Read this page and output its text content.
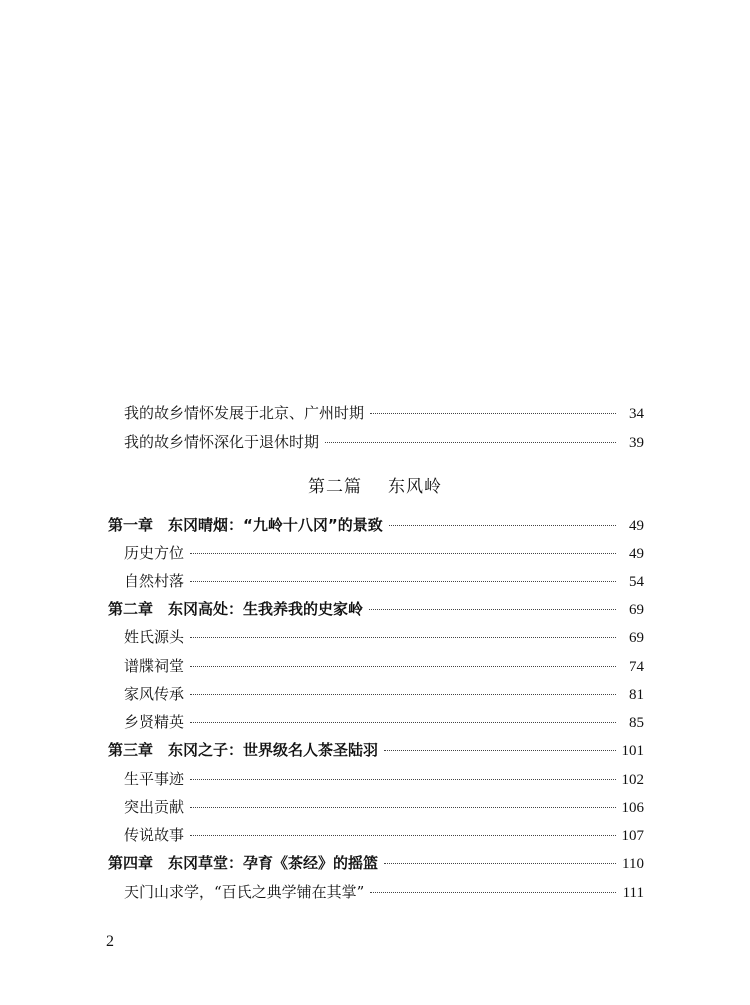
我的故乡情怀发展于北京、广州时期	34
我的故乡情怀深化于退休时期	39
第二篇 东风岭
第一章　东冈晴烟：“九岭十八冈”的景致	49
历史方位	49
自然村落	54
第二章　东冈高处：生我养我的史家岭	69
姓氏源头	69
谱牒祠堂	74
家风传承	81
乡贤精英	85
第三章　东冈之子：世界级名人茶圣陆羽	101
生平事迹	102
突出贡献	106
传说故事	107
第四章　东冈草堂：孕育《茶经》的摇篮	110
天门山求学，“百氏之典学铺在其掌”	111
2
